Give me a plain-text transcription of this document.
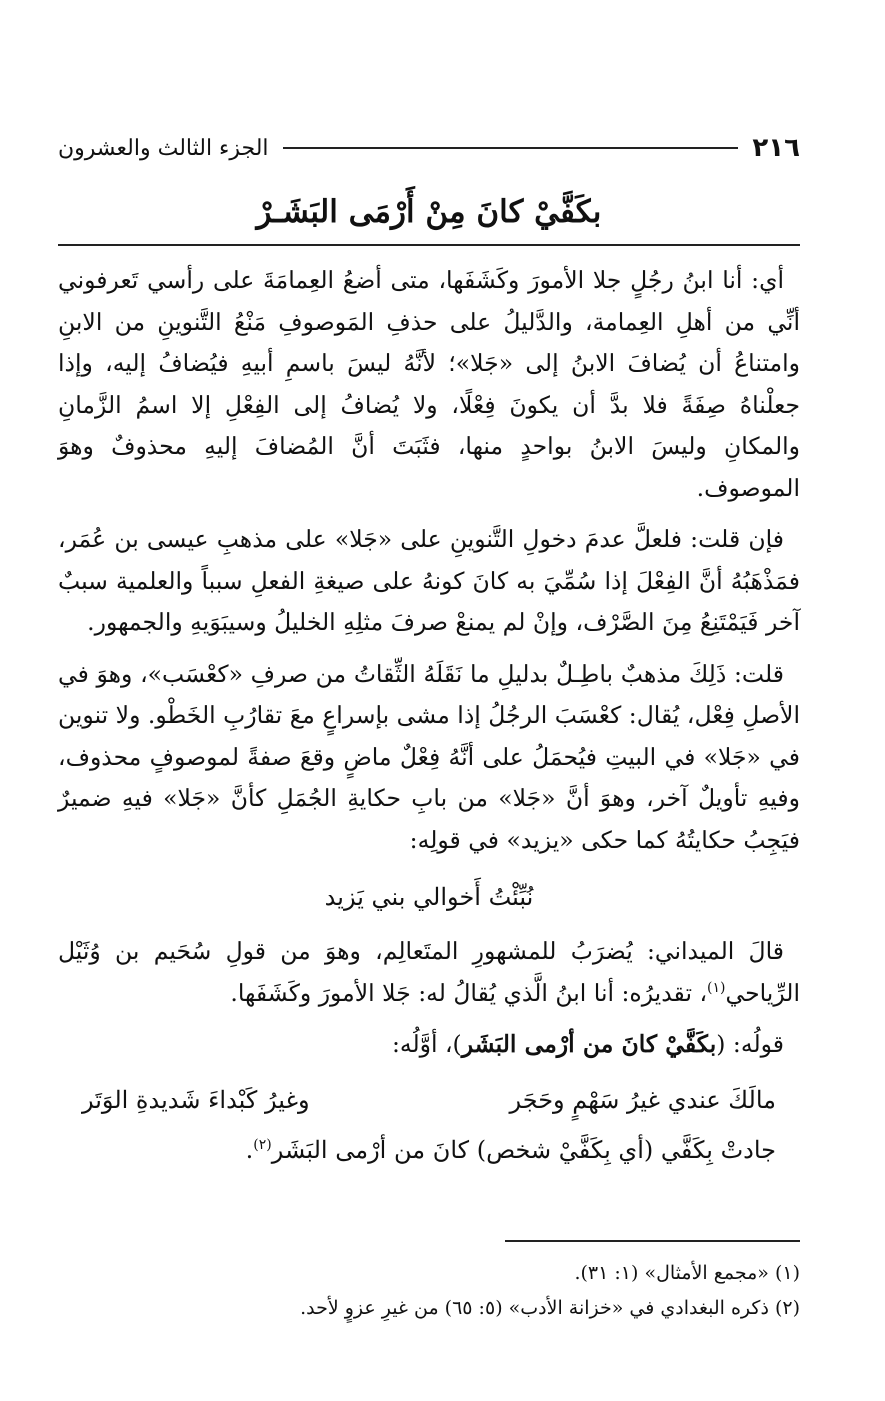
٢١٦
الجزء الثالث والعشرون
بكَفَّيْ كانَ مِنْ أَرْمَى البَشَـرْ

أي: أنا ابنُ رجُلٍ جلا الأمورَ وكَشَفَها، متى أضعُ العِمامَةَ على رأسي تَعرفوني أنِّي من أهلِ العِمامة، والدَّليلُ على حذفِ المَوصوفِ مَنْعُ التَّنوينِ من الابنِ وامتناعُ أن يُضافَ الابنُ إلى «جَلا»؛ لأنَّهُ ليسَ باسمِ أبيهِ فيُضافُ إليه، وإذا جعلْناهُ صِفَةً فلا بدَّ أن يكونَ فِعْلًا، ولا يُضافُ إلى الفِعْلِ إلا اسمُ الزَّمانِ والمكانِ وليسَ الابنُ بواحدٍ منها، فثَبَتَ أنَّ المُضافَ إليهِ محذوفٌ وهوَ الموصوف.

فإن قلت: فلعلَّ عدمَ دخولِ التَّنوينِ على «جَلا» على مذهبِ عيسى بن عُمَر، فمَذْهَبُهُ أنَّ الفِعْلَ إذا سُمِّيَ به كانَ كونهُ على صيغةِ الفعلِ سبباً والعلمية سببٌ آخر فَيَمْتَنِعُ مِنَ الصَّرْف، وإنْ لم يمنعْ صرفَ مثلِهِ الخليلُ وسيبَوَيهِ والجمهور.

قلت: ذَلِكَ مذهبٌ باطِـلٌ بدليلِ ما نَقَلَهُ الثِّقاتُ من صرفِ «كعْسَب»، وهوَ في الأصلِ فِعْل، يُقال: كعْسَبَ الرجُلُ إذا مشى بإسراعٍ معَ تقارُبِ الخَطْو. ولا تنوين في «جَلا» في البيتِ فيُحمَلُ على أنَّهُ فِعْلٌ ماضٍ وقعَ صفةً لموصوفٍ محذوف، وفيهِ تأويلٌ آخر، وهوَ أنَّ «جَلا» من بابِ حكايةِ الجُمَلِ كأنَّ «جَلا» فيهِ ضميرٌ فيَجِبُ حكايتُهُ كما حكى «يزيد» في قولِه:

نُبِّئْتُ أَخوالي بني يَزيد

قالَ الميداني: يُضرَبُ للمشهورِ المتَعالِم، وهوَ من قولِ سُحَيم بن وُثَيْل الرِّياحي$^{(١)}$، تقديرُه: أنا ابنُ الَّذي يُقالُ له: جَلا الأمورَ وكَشَفَها.

قولُه: (بكَفَّيْ كانَ من أرْمى البَشَر)، أوَّلُه:

مالَكَ عندي غيرُ سَهْمٍ وحَجَر
وغيرُ كَبْداءَ شَديدةِ الوَتَر
جادتْ بِكَفَّي (أي بِكَفَّيْ شخص) كانَ من أرْمى البَشَر$^{(٢)}$.

(١) «مجمع الأمثال» (١: ٣١).

(٢) ذكره البغدادي في «خزانة الأدب» (٥: ٦٥) من غيرِ عزوٍ لأحد.
